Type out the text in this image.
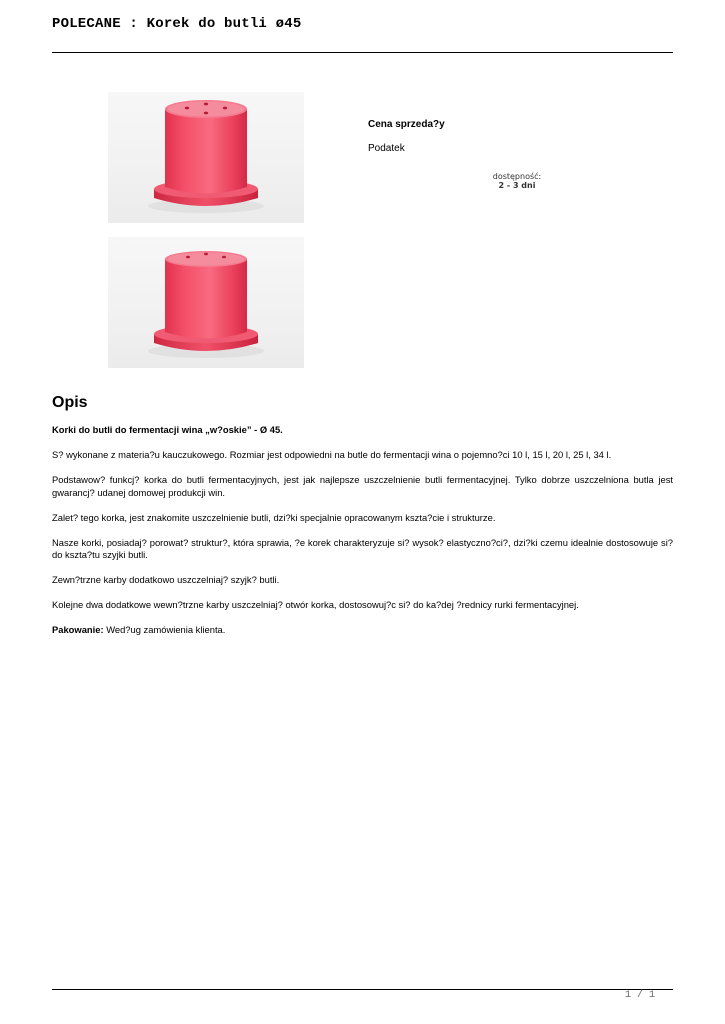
POLECANE : Korek do butli ø45
Cena sprzeda?y
Podatek
dostępność:
2 - 3 dni
Opis

Korki do butli do fermentacji wina „w?oskie” - Ø 45.

S? wykonane z materia?u kauczukowego. Rozmiar jest odpowiedni na butle do fermentacji wina o pojemno?ci 10 l, 15 l, 20 l, 25 l, 34 l.

Podstawow? funkcj? korka do butli fermentacyjnych, jest jak najlepsze uszczelnienie butli fermentacyjnej. Tylko dobrze uszczelniona butla jest gwarancj? udanej domowej produkcji win.

Zalet? tego korka, jest znakomite uszczelnienie butli, dzi?ki specjalnie opracowanym kszta?cie i strukturze.

Nasze korki, posiadaj? porowat? struktur?, która sprawia, ?e korek charakteryzuje si? wysok? elastyczno?ci?, dzi?ki czemu idealnie dostosowuje si? do kszta?tu szyjki butli.

Zewn?trzne karby dodatkowo uszczelniaj? szyjk? butli.

Kolejne dwa dodatkowe wewn?trzne karby uszczelniaj? otwór korka, dostosowuj?c si? do ka?dej ?rednicy rurki fermentacyjnej.

Pakowanie: Wed?ug zamówienia klienta.

1 / 1
